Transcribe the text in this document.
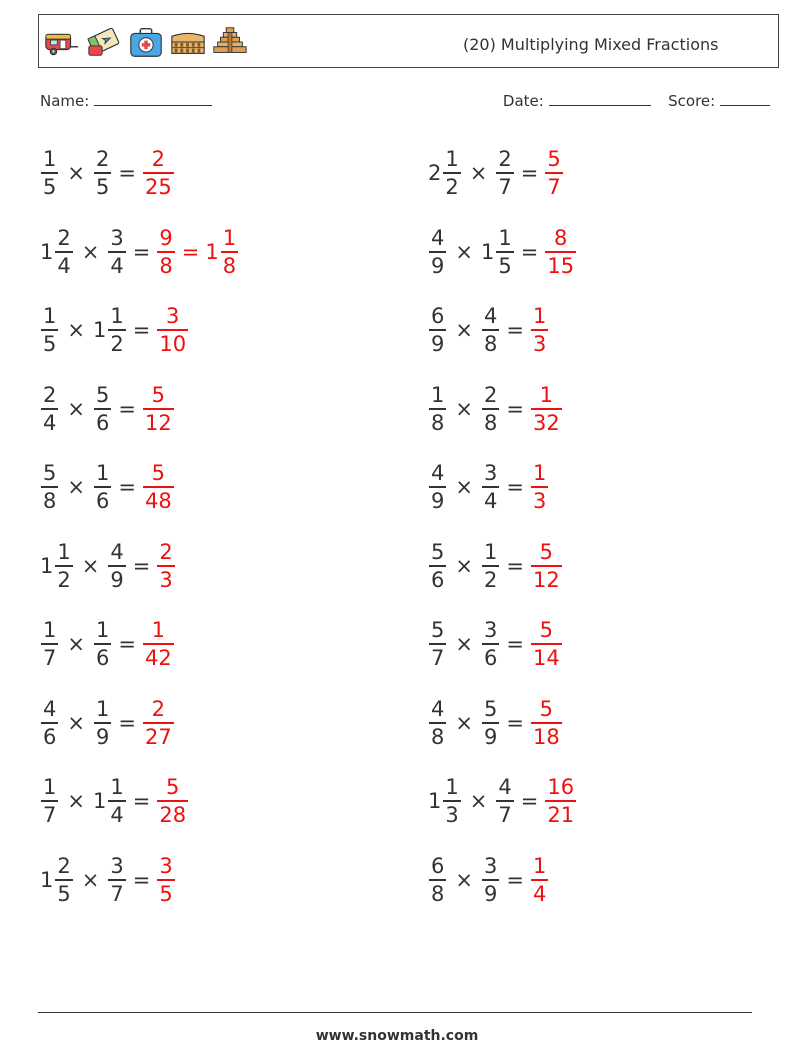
(20) Multiplying Mixed Fractions
Name:	Date:	Score:
$\frac{1}{5} \times \frac{2}{5} = \frac{2}{25}$	$2 \frac{1}{2} \times \frac{2}{7} = \frac{5}{7}$
$1 \frac{2}{4} \times \frac{3}{4} = \frac{9}{8} = 1 \frac{1}{8}$	$\frac{4}{9} \times 1 \frac{1}{5} = \frac{8}{15}$
$\frac{1}{5} \times 1 \frac{1}{2} = \frac{3}{10}$	$\frac{6}{9} \times \frac{4}{8} = \frac{1}{3}$
$\frac{2}{4} \times \frac{5}{6} = \frac{5}{12}$	$\frac{1}{8} \times \frac{2}{8} = \frac{1}{32}$
$\frac{5}{8} \times \frac{1}{6} = \frac{5}{48}$	$\frac{4}{9} \times \frac{3}{4} = \frac{1}{3}$
$1 \frac{1}{2} \times \frac{4}{9} = \frac{2}{3}$	$\frac{5}{6} \times \frac{1}{2} = \frac{5}{12}$
$\frac{1}{7} \times \frac{1}{6} = \frac{1}{42}$	$\frac{5}{7} \times \frac{3}{6} = \frac{5}{14}$
$\frac{4}{6} \times \frac{1}{9} = \frac{2}{27}$	$\frac{4}{8} \times \frac{5}{9} = \frac{5}{18}$
$\frac{1}{7} \times 1 \frac{1}{4} = \frac{5}{28}$	$1 \frac{1}{3} \times \frac{4}{7} = \frac{16}{21}$
$1 \frac{2}{5} \times \frac{3}{7} = \frac{3}{5}$	$\frac{6}{8} \times \frac{3}{9} = \frac{1}{4}$
www.snowmath.com
